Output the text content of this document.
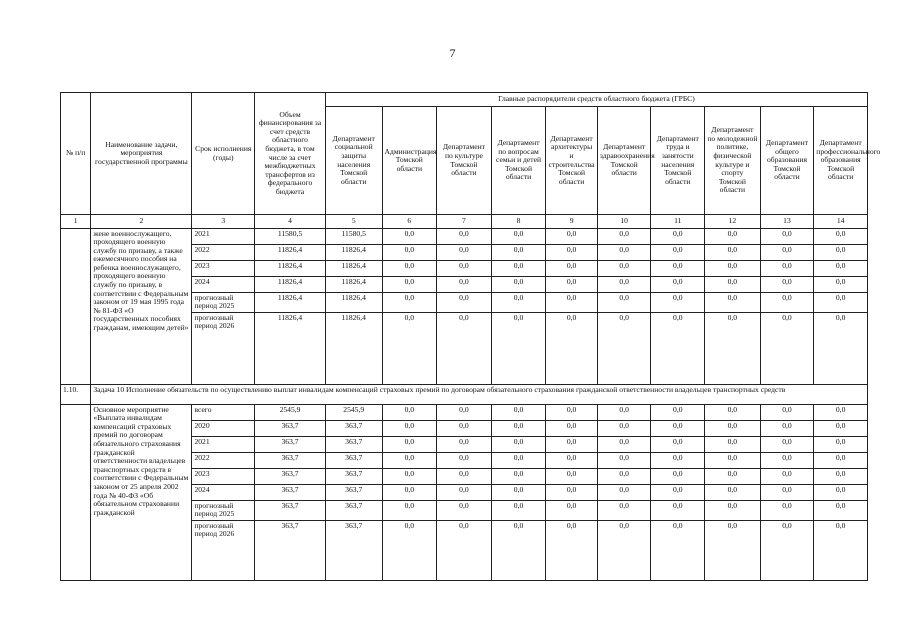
7
№ п/п	Наименование задачи, мероприятия государственной программы	Срок исполнения (годы)	Объем финансирования за счет средств областного бюджета, в том числе за счет межбюджетных трансфертов из федерального бюджета	Главные распорядители средств областного бюджета (ГРБС)									
				Департамент социальной защиты населения Томской области	Администрация Томской области	Департамент по культуре Томской области	Департамент по вопросам семьи и детей Томской области	Департамент архитектуры и строительства Томской области	Департамент здравоохранения Томской области	Департамент труда и занятости населения Томской области	Департамент по молодежной политике, физической культуре и спорту Томской области	Департамент общего образования Томской области	Департамент профессионального образования Томской области
1	2	3	4	5	6	7	8	9	10	11	12	13	14
	жене военнослужащего, проходящего военную службу по призыву, а также ежемесячного пособия на ребенка военнослужащего, проходящего военную службу по призыву, в соответствии с Федеральным законом от 19 мая 1995 года № 81-ФЗ «О государственных пособиях гражданам, имеющим детей»	2021	11580,5	11580,5	0,0	0,0	0,0	0,0	0,0	0,0	0,0	0,0	0,0
		2022	11826,4	11826,4	0,0	0,0	0,0	0,0	0,0	0,0	0,0	0,0	0,0
		2023	11826,4	11826,4	0,0	0,0	0,0	0,0	0,0	0,0	0,0	0,0	0,0
		2024	11826,4	11826,4	0,0	0,0	0,0	0,0	0,0	0,0	0,0	0,0	0,0
		прогнозный период 2025	11826,4	11826,4	0,0	0,0	0,0	0,0	0,0	0,0	0,0	0,0	0,0
		прогнозный период 2026	11826,4	11826,4	0,0	0,0	0,0	0,0	0,0	0,0	0,0	0,0	0,0
1.10.	Задача 10 Исполнение обязательств по осуществлению выплат инвалидам компенсаций страховых премий по договорам обязательного страхования гражданской ответственности владельцев транспортных средств												
	Основное мероприятие «Выплата инвалидам компенсаций страховых премий по договорам обязательного страхования гражданской ответственности владельцев транспортных средств в соответствии с Федеральным законом от 25 апреля 2002 года № 40-ФЗ «Об обязательном страховании гражданской	всего	2545,9	2545,9	0,0	0,0	0,0	0,0	0,0	0,0	0,0	0,0	0,0
		2020	363,7	363,7	0,0	0,0	0,0	0,0	0,0	0,0	0,0	0,0	0,0
		2021	363,7	363,7	0,0	0,0	0,0	0,0	0,0	0,0	0,0	0,0	0,0
		2022	363,7	363,7	0,0	0,0	0,0	0,0	0,0	0,0	0,0	0,0	0,0
		2023	363,7	363,7	0,0	0,0	0,0	0,0	0,0	0,0	0,0	0,0	0,0
		2024	363,7	363,7	0,0	0,0	0,0	0,0	0,0	0,0	0,0	0,0	0,0
		прогнозный период 2025	363,7	363,7	0,0	0,0	0,0	0,0	0,0	0,0	0,0	0,0	0,0
		прогнозный период 2026	363,7	363,7	0,0	0,0	0,0	0,0	0,0	0,0	0,0	0,0	0,0
